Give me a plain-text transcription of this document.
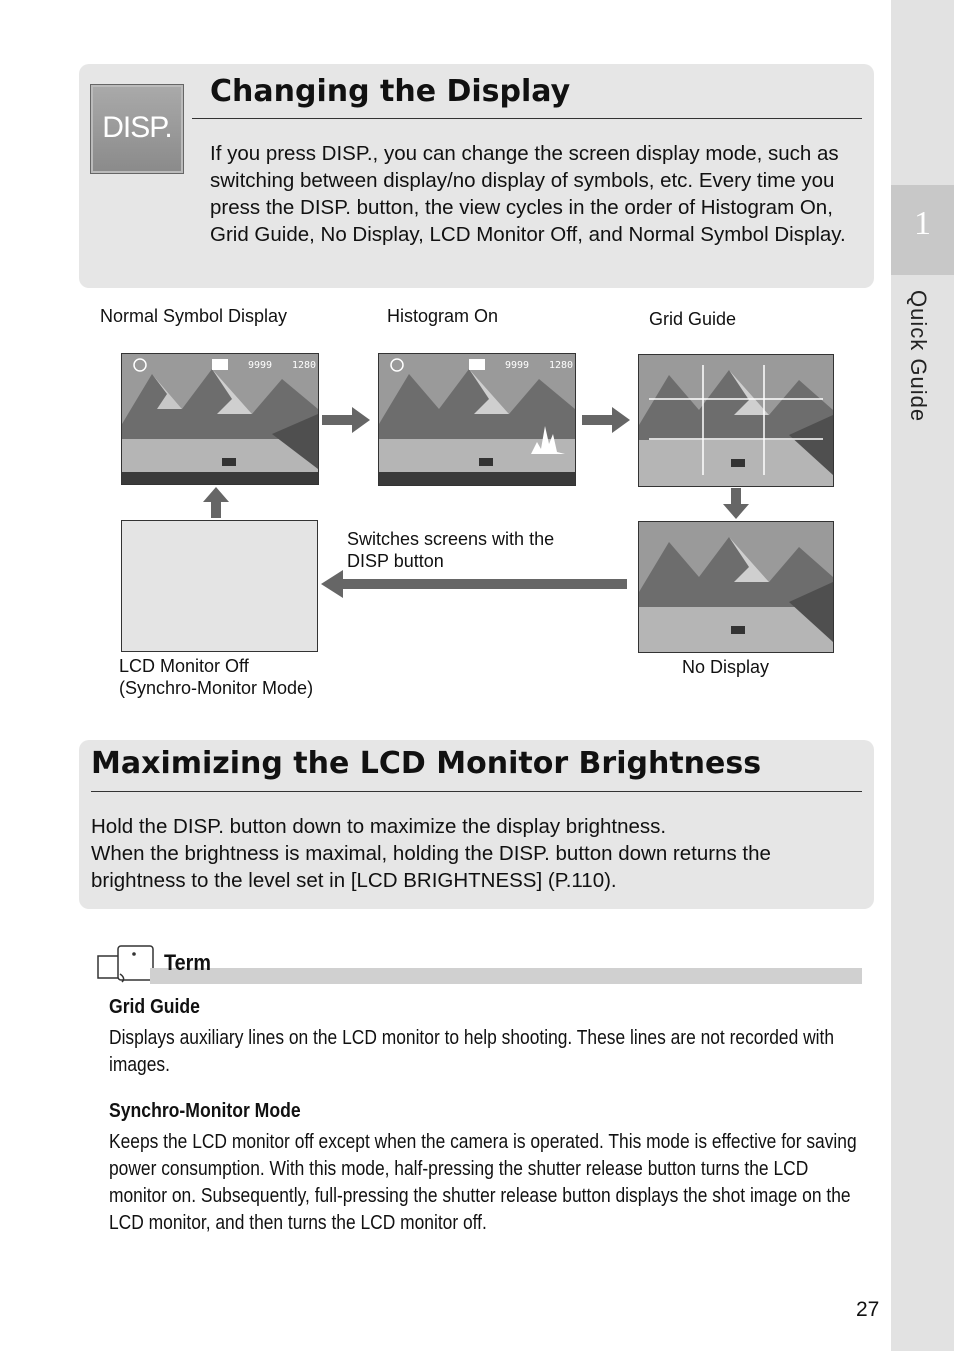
1
Quick Guide
DISP.
Changing the Display
If you press DISP., you can change the screen display mode, such as switching between display/no display of symbols, etc. Every time you press the DISP. button, the view cycles in the order of Histogram On, Grid Guide, No Display, LCD Monitor Off, and Normal Symbol Display.
Normal Symbol Display	Histogram On	Grid Guide
No Display
LCD Monitor Off
(Synchro-Monitor Mode)
Switches screens with the
DISP button
9999 1280	9999 1280
Maximizing the LCD Monitor Brightness
Hold the DISP. button down to maximize the display brightness.
When the brightness is maximal, holding the DISP. button down returns the brightness to the level set in [LCD BRIGHTNESS] (P.110).
Term
Grid Guide
Displays auxiliary lines on the LCD monitor to help shooting. These lines are not recorded with images.
Synchro-Monitor Mode
Keeps the LCD monitor off except when the camera is operated. This mode is effective for saving power consumption. With this mode, half-pressing the shutter release button turns the LCD monitor on. Subsequently, full-pressing the shutter release button displays the shot image on the LCD monitor, and then turns the LCD monitor off.
27
